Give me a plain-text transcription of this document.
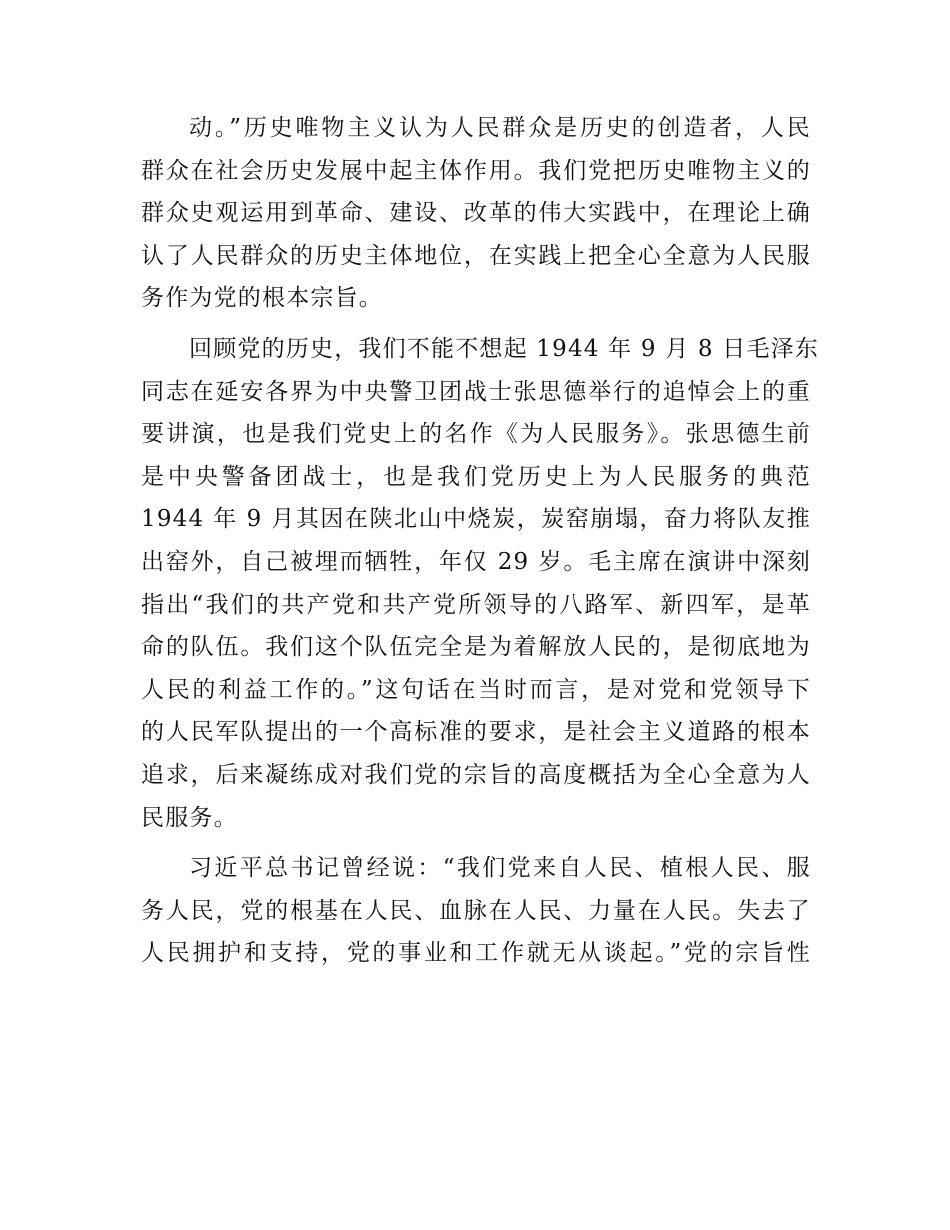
动。”历史唯物主义认为人民群众是历史的创造者，人民
群众在社会历史发展中起主体作用。我们党把历史唯物主义的
群众史观运用到革命、建设、改革的伟大实践中，在理论上确
认了人民群众的历史主体地位，在实践上把全心全意为人民服
务作为党的根本宗旨。
回顾党的历史，我们不能不想起 1944 年 9 月 8 日毛泽东
同志在延安各界为中央警卫团战士张思德举行的追悼会上的重
要讲演，也是我们党史上的名作《为人民服务》。张思德生前
是中央警备团战士，也是我们党历史上为人民服务的典范
1944 年 9 月其因在陕北山中烧炭，炭窑崩塌，奋力将队友推
出窑外，自己被埋而牺牲，年仅 29 岁。毛主席在演讲中深刻
指出“我们的共产党和共产党所领导的八路军、新四军，是革
命的队伍。我们这个队伍完全是为着解放人民的，是彻底地为
人民的利益工作的。”这句话在当时而言，是对党和党领导下
的人民军队提出的一个高标准的要求，是社会主义道路的根本
追求，后来凝练成对我们党的宗旨的高度概括为全心全意为人
民服务。
习近平总书记曾经说：“我们党来自人民、植根人民、服
务人民，党的根基在人民、血脉在人民、力量在人民。失去了
人民拥护和支持，党的事业和工作就无从谈起。”党的宗旨性
